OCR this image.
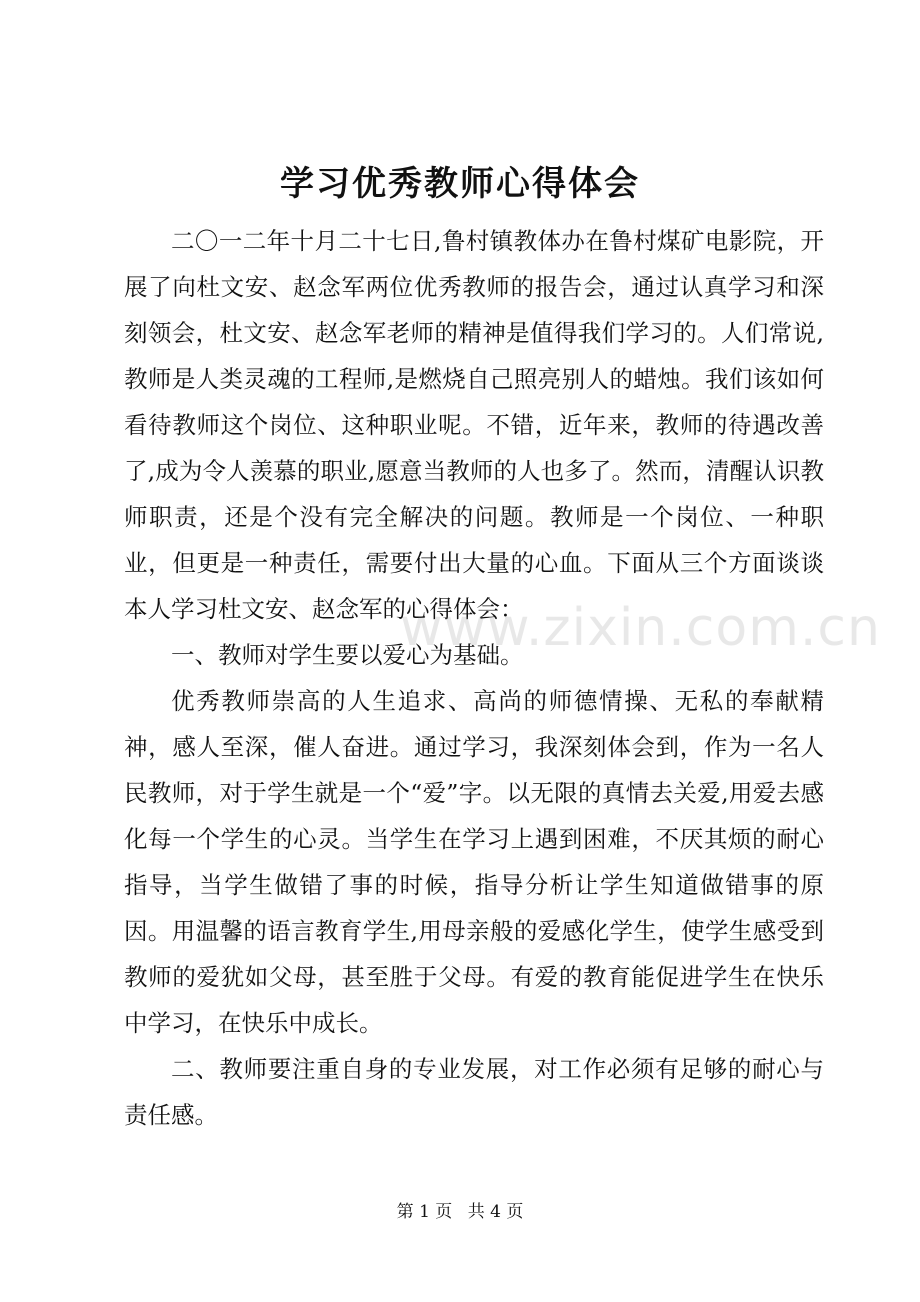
学习优秀教师心得体会

二〇一二年十月二十七日,鲁村镇教体办在鲁村煤矿电影院，开展了向杜文安、赵念军两位优秀教师的报告会，通过认真学习和深刻领会，杜文安、赵念军老师的精神是值得我们学习的。人们常说,教师是人类灵魂的工程师,是燃烧自己照亮别人的蜡烛。我们该如何看待教师这个岗位、这种职业呢。不错，近年来，教师的待遇改善了,成为令人羡慕的职业,愿意当教师的人也多了。然而，清醒认识教师职责，还是个没有完全解决的问题。教师是一个岗位、一种职业，但更是一种责任，需要付出大量的心血。下面从三个方面谈谈本人学习杜文安、赵念军的心得体会：

一、教师对学生要以爱心为基础。

优秀教师崇高的人生追求、高尚的师德情操、无私的奉献精神，感人至深，催人奋进。通过学习，我深刻体会到，作为一名人民教师，对于学生就是一个“爱”字。以无限的真情去关爱,用爱去感化每一个学生的心灵。当学生在学习上遇到困难，不厌其烦的耐心指导，当学生做错了事的时候，指导分析让学生知道做错事的原因。用温馨的语言教育学生,用母亲般的爱感化学生，使学生感受到教师的爱犹如父母，甚至胜于父母。有爱的教育能促进学生在快乐中学习，在快乐中成长。

二、教师要注重自身的专业发展，对工作必须有足够的耐心与责任感。

www.zixin.com.cn
第 1 页 共 4 页
